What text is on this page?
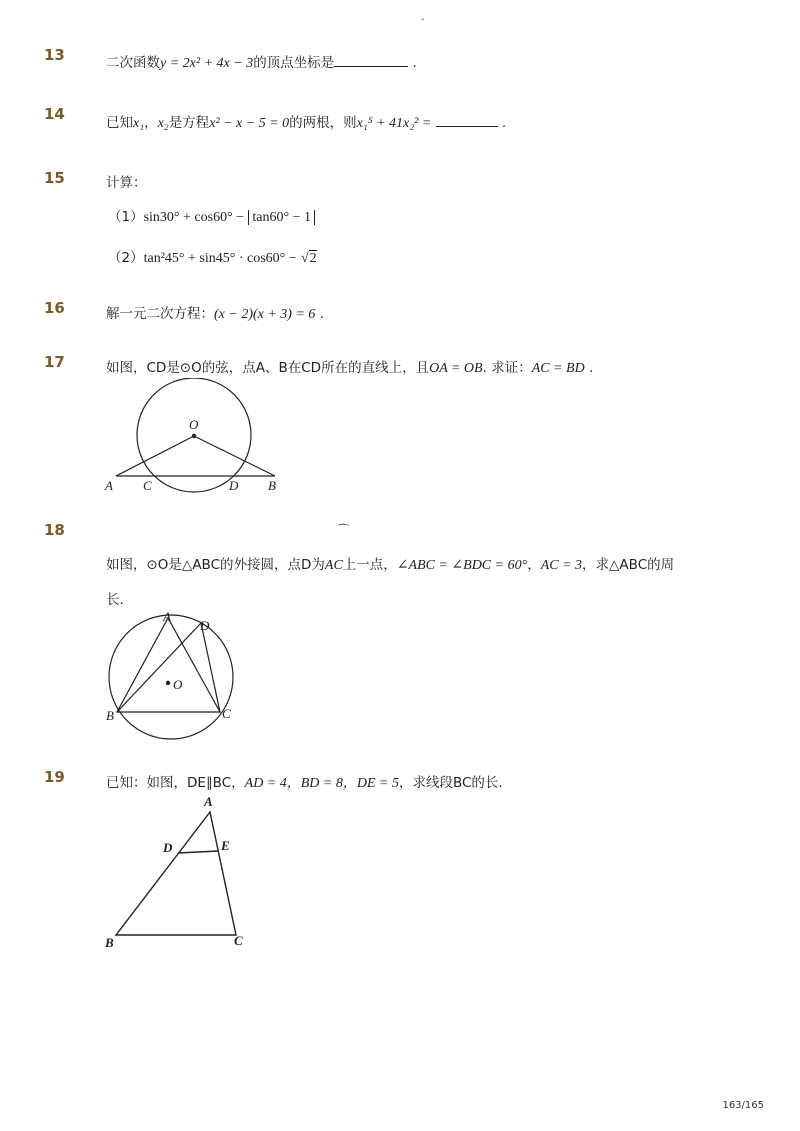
-
13	二次函数y = 2x² + 4x − 3的顶点坐标是	.
14	已知x₁，x₂是方程x² − x − 5 = 0的两根，则x₁⁵ + 41x₂² =	.
15	计算：
（1）sin30° + cos60° − tan60° − 1
（2）tan²45° + sin45° · cos60° − √2
16	解一元二次方程：(x − 2)(x + 3) = 6 .
17	如图，CD是⊙O的弦，点A、B在CD所在的直线上，且OA = OB. 求证：AC = BD .
O
A C	D B
18	⌒
如图，⊙O是△ABC的外接圆，点D为AC上一点，∠ABC = ∠BDC = 60°，AC = 3，求△ABC的周
长.
A
D
O
B	C
19	已知：如图，DE∥BC，AD = 4，BD = 8，DE = 5，求线段BC的长.
A
D	E
B	C
163/165
